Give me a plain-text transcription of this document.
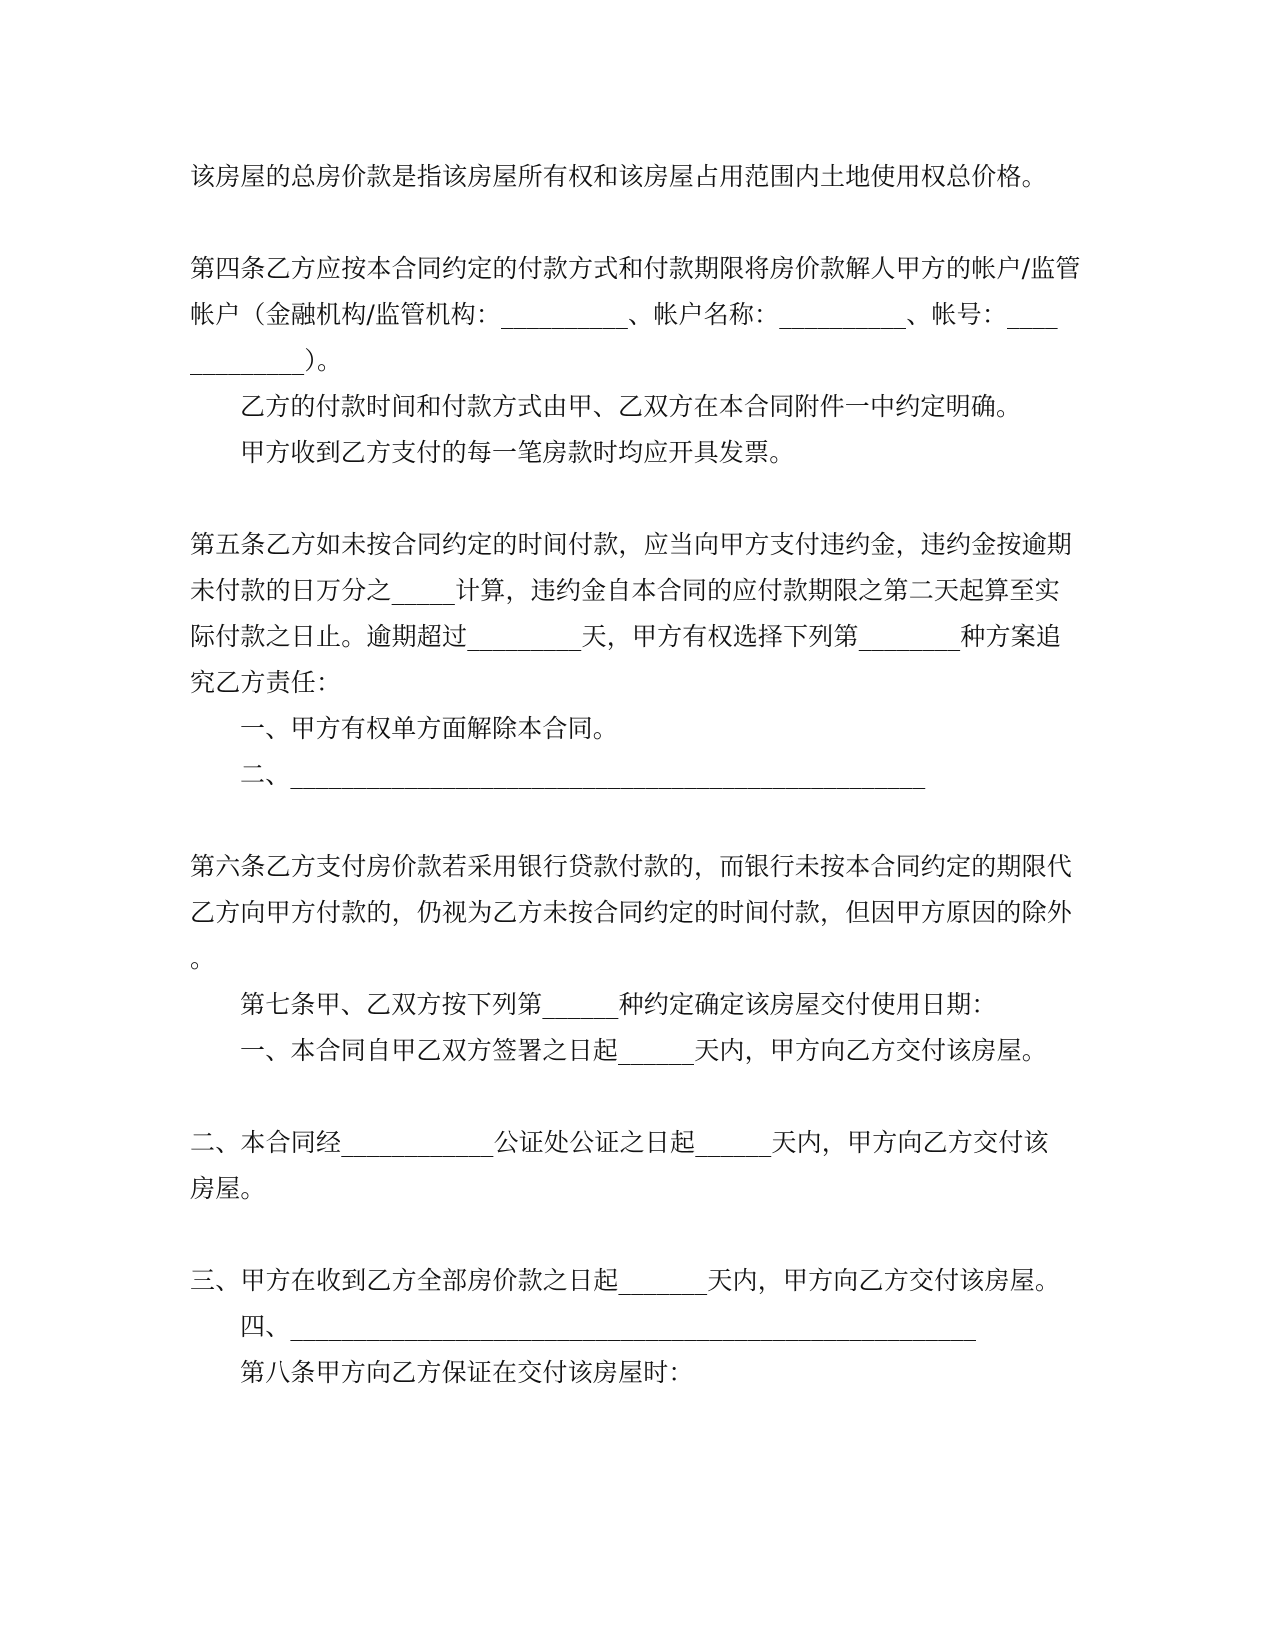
该房屋的总房价款是指该房屋所有权和该房屋占用范围内土地使用权总价格。
第四条乙方应按本合同约定的付款方式和付款期限将房价款解人甲方的帐户/监管
帐户（金融机构/监管机构：__________、帐户名称：__________、帐号：____
_________）。
乙方的付款时间和付款方式由甲、乙双方在本合同附件一中约定明确。
甲方收到乙方支付的每一笔房款时均应开具发票。
第五条乙方如未按合同约定的时间付款，应当向甲方支付违约金，违约金按逾期
未付款的日万分之_____计算，违约金自本合同的应付款期限之第二天起算至实
际付款之日止。逾期超过_________天，甲方有权选择下列第________种方案追
究乙方责任：
一、甲方有权单方面解除本合同。
二、__________________________________________________
第六条乙方支付房价款若采用银行贷款付款的，而银行未按本合同约定的期限代
乙方向甲方付款的，仍视为乙方未按合同约定的时间付款，但因甲方原因的除外
。
第七条甲、乙双方按下列第______种约定确定该房屋交付使用日期：
一、本合同自甲乙双方签署之日起______天内，甲方向乙方交付该房屋。
二、本合同经____________公证处公证之日起______天内，甲方向乙方交付该
房屋。
三、甲方在收到乙方全部房价款之日起_______天内，甲方向乙方交付该房屋。
四、______________________________________________________
第八条甲方向乙方保证在交付该房屋时：
